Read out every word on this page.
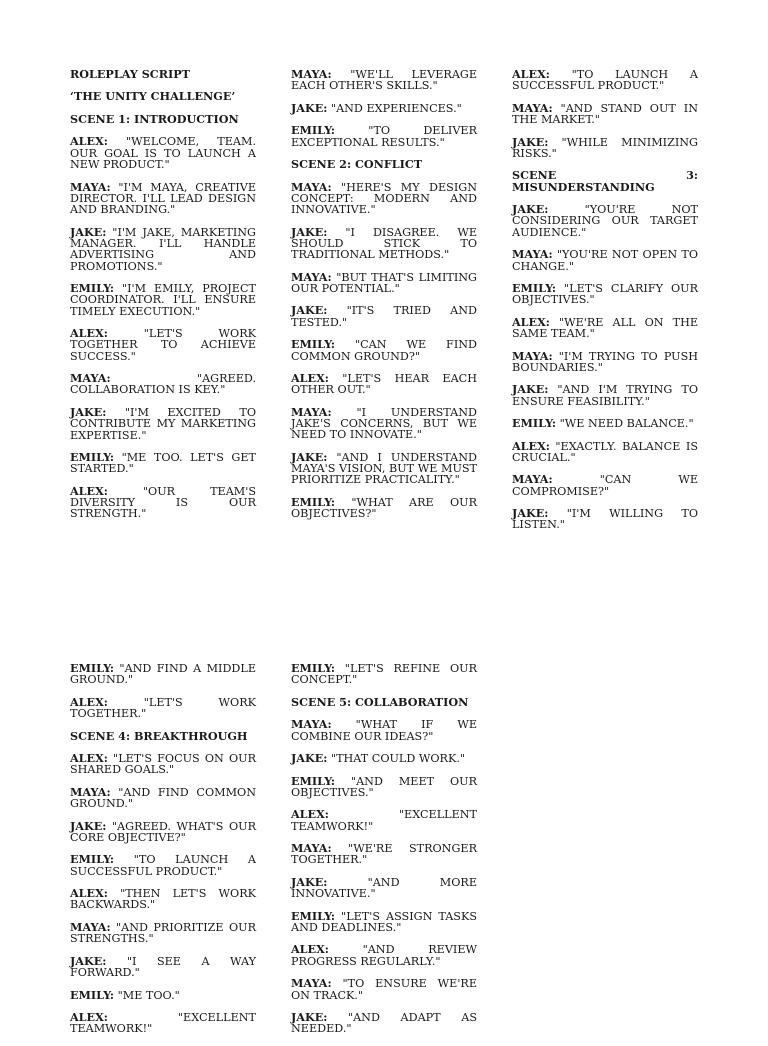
ROLEPLAY SCRIPT

‘THE UNITY CHALLENGE’

SCENE 1: INTRODUCTION

ALEX: "WELCOME, TEAM. OUR GOAL IS TO LAUNCH A NEW PRODUCT."

MAYA: "I'M MAYA, CREATIVE DIRECTOR. I'LL LEAD DESIGN AND BRANDING."

JAKE: "I'M JAKE, MARKETING MANAGER. I'LL HANDLE ADVERTISING AND PROMOTIONS."

EMILY: "I'M EMILY, PROJECT COORDINATOR. I'LL ENSURE TIMELY EXECUTION."

ALEX:	"LET'S WORK TOGETHER TO ACHIEVE SUCCESS."

MAYA:	"AGREED. COLLABORATION IS KEY."

JAKE: "I'M EXCITED TO CONTRIBUTE MY MARKETING EXPERTISE."

EMILY: "ME TOO. LET'S GET STARTED."

ALEX:	"OUR TEAM'S DIVERSITY IS OUR STRENGTH."

MAYA: "WE'LL LEVERAGE EACH OTHER'S SKILLS."

JAKE: "AND EXPERIENCES."

EMILY:	"TO DELIVER EXCEPTIONAL RESULTS."

SCENE 2: CONFLICT

MAYA: "HERE'S MY DESIGN CONCEPT: MODERN AND INNOVATIVE."

JAKE: "I DISAGREE. WE SHOULD STICK TO TRADITIONAL METHODS."

MAYA: "BUT THAT'S LIMITING OUR POTENTIAL."

JAKE: "IT'S TRIED AND TESTED."

EMILY: "CAN WE FIND COMMON GROUND?"

ALEX: "LET'S HEAR EACH OTHER OUT."

MAYA: "I UNDERSTAND JAKE'S CONCERNS, BUT WE NEED TO INNOVATE."

JAKE: "AND I UNDERSTAND MAYA'S VISION, BUT WE MUST PRIORITIZE PRACTICALITY."

EMILY: "WHAT ARE OUR OBJECTIVES?"

ALEX: "TO LAUNCH A SUCCESSFUL PRODUCT."

MAYA: "AND STAND OUT IN THE MARKET."

JAKE: "WHILE MINIMIZING RISKS."

SCENE 3: MISUNDERSTANDING

JAKE:	"YOU'RE NOT CONSIDERING OUR TARGET AUDIENCE."

MAYA: "YOU'RE NOT OPEN TO CHANGE."

EMILY: "LET'S CLARIFY OUR OBJECTIVES."

ALEX: "WE'RE ALL ON THE SAME TEAM."

MAYA: "I'M TRYING TO PUSH BOUNDARIES."

JAKE: "AND I'M TRYING TO ENSURE FEASIBILITY."

EMILY: "WE NEED BALANCE."

ALEX: "EXACTLY. BALANCE IS CRUCIAL."

MAYA:	"CAN WE COMPROMISE?"

JAKE: "I'M WILLING TO LISTEN."

EMILY: "AND FIND A MIDDLE GROUND."

ALEX:	"LET'S WORK TOGETHER."

SCENE 4: BREAKTHROUGH

ALEX: "LET'S FOCUS ON OUR SHARED GOALS."

MAYA: "AND FIND COMMON GROUND."

JAKE: "AGREED. WHAT'S OUR CORE OBJECTIVE?"

EMILY: "TO LAUNCH A SUCCESSFUL PRODUCT."

ALEX: "THEN LET'S WORK BACKWARDS."

MAYA: "AND PRIORITIZE OUR STRENGTHS."

JAKE: "I SEE A WAY FORWARD."

EMILY: "ME TOO."

ALEX:	"EXCELLENT TEAMWORK!"

EMILY: "LET'S REFINE OUR CONCEPT."

SCENE 5: COLLABORATION

MAYA: "WHAT IF WE COMBINE OUR IDEAS?"

JAKE: "THAT COULD WORK."

EMILY: "AND MEET OUR OBJECTIVES."

ALEX:	"EXCELLENT TEAMWORK!"

MAYA: "WE'RE STRONGER TOGETHER."

JAKE:	"AND MORE INNOVATIVE."

EMILY: "LET'S ASSIGN TASKS AND DEADLINES."

ALEX:	"AND REVIEW PROGRESS REGULARLY."

MAYA: "TO ENSURE WE'RE ON TRACK."

JAKE: "AND ADAPT AS NEEDED."
